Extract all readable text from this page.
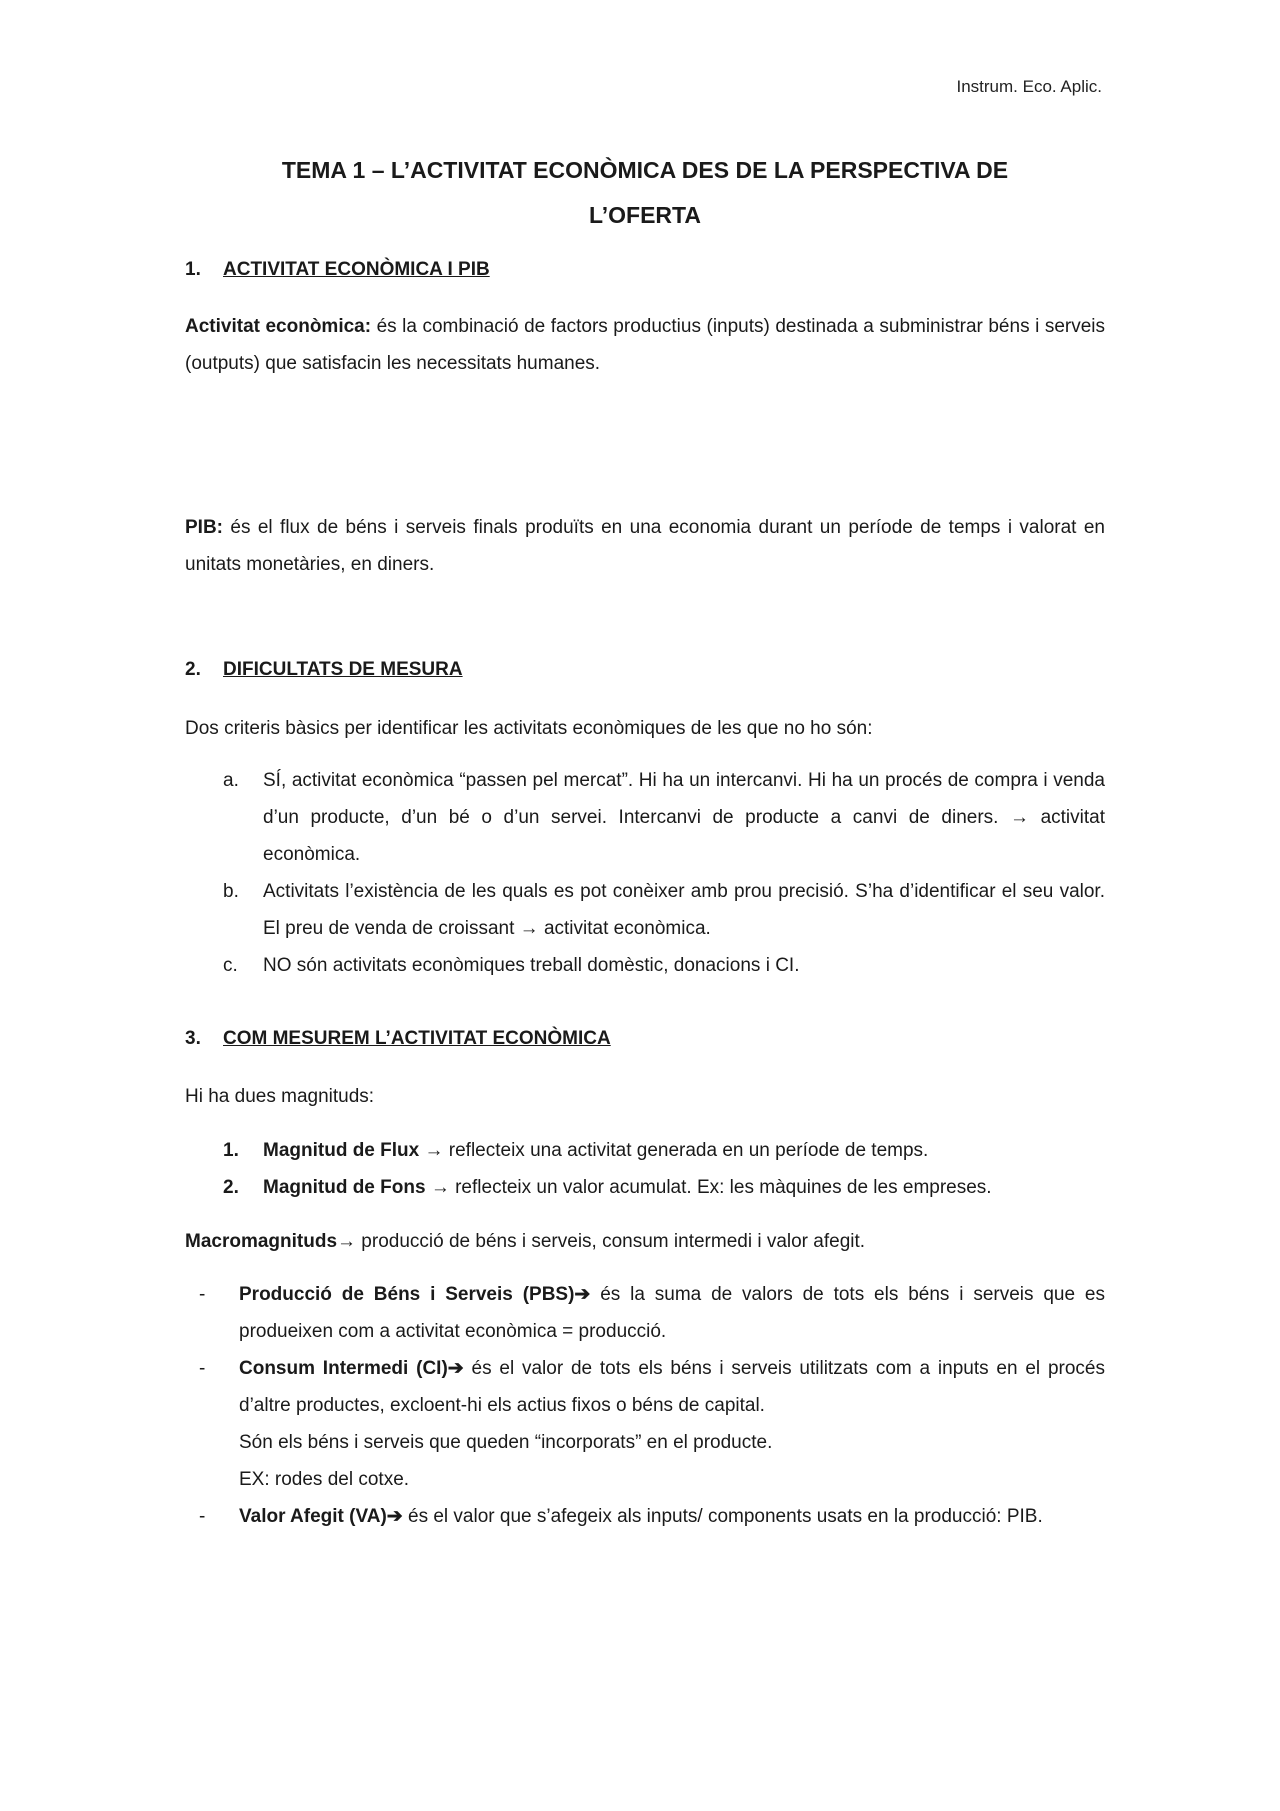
Instrum. Eco. Aplic.
TEMA 1 – L’ACTIVITAT ECONÒMICA DES DE LA PERSPECTIVA DE
L’OFERTA
1. ACTIVITAT ECONÒMICA I PIB
Activitat econòmica: és la combinació de factors productius (inputs) destinada a subministrar béns i serveis (outputs) que satisfacin les necessitats humanes.
PIB: és el flux de béns i serveis finals produïts en una economia durant un període de temps i valorat en unitats monetàries, en diners.
2. DIFICULTATS DE MESURA
Dos criteris bàsics per identificar les activitats econòmiques de les que no ho són:
a.	SÍ, activitat econòmica “passen pel mercat”. Hi ha un intercanvi. Hi ha un procés de compra i venda d’un producte, d’un bé o d’un servei. Intercanvi de producte a canvi de diners. → activitat econòmica.
b.	Activitats l’existència de les quals es pot conèixer amb prou precisió. S’ha d’identificar el seu valor. El preu de venda de croissant → activitat econòmica.
c.	NO són activitats econòmiques treball domèstic, donacions i CI.
3. COM MESUREM L’ACTIVITAT ECONÒMICA
Hi ha dues magnituds:
1.	Magnitud de Flux → reflecteix una activitat generada en un període de temps.
2.	Magnitud de Fons → reflecteix un valor acumulat. Ex: les màquines de les empreses.
Macromagnituds→ producció de béns i serveis, consum intermedi i valor afegit.
- Producció de Béns i Serveis (PBS)➔ és la suma de valors de tots els béns i serveis que es produeixen com a activitat econòmica = producció.
- Consum Intermedi (CI)➔ és el valor de tots els béns i serveis utilitzats com a inputs en el procés d’altre productes, excloent-hi els actius fixos o béns de capital.
Són els béns i serveis que queden “incorporats” en el producte.
EX: rodes del cotxe.
- Valor Afegit (VA)➔ és el valor que s’afegeix als inputs/ components usats en la producció: PIB.
